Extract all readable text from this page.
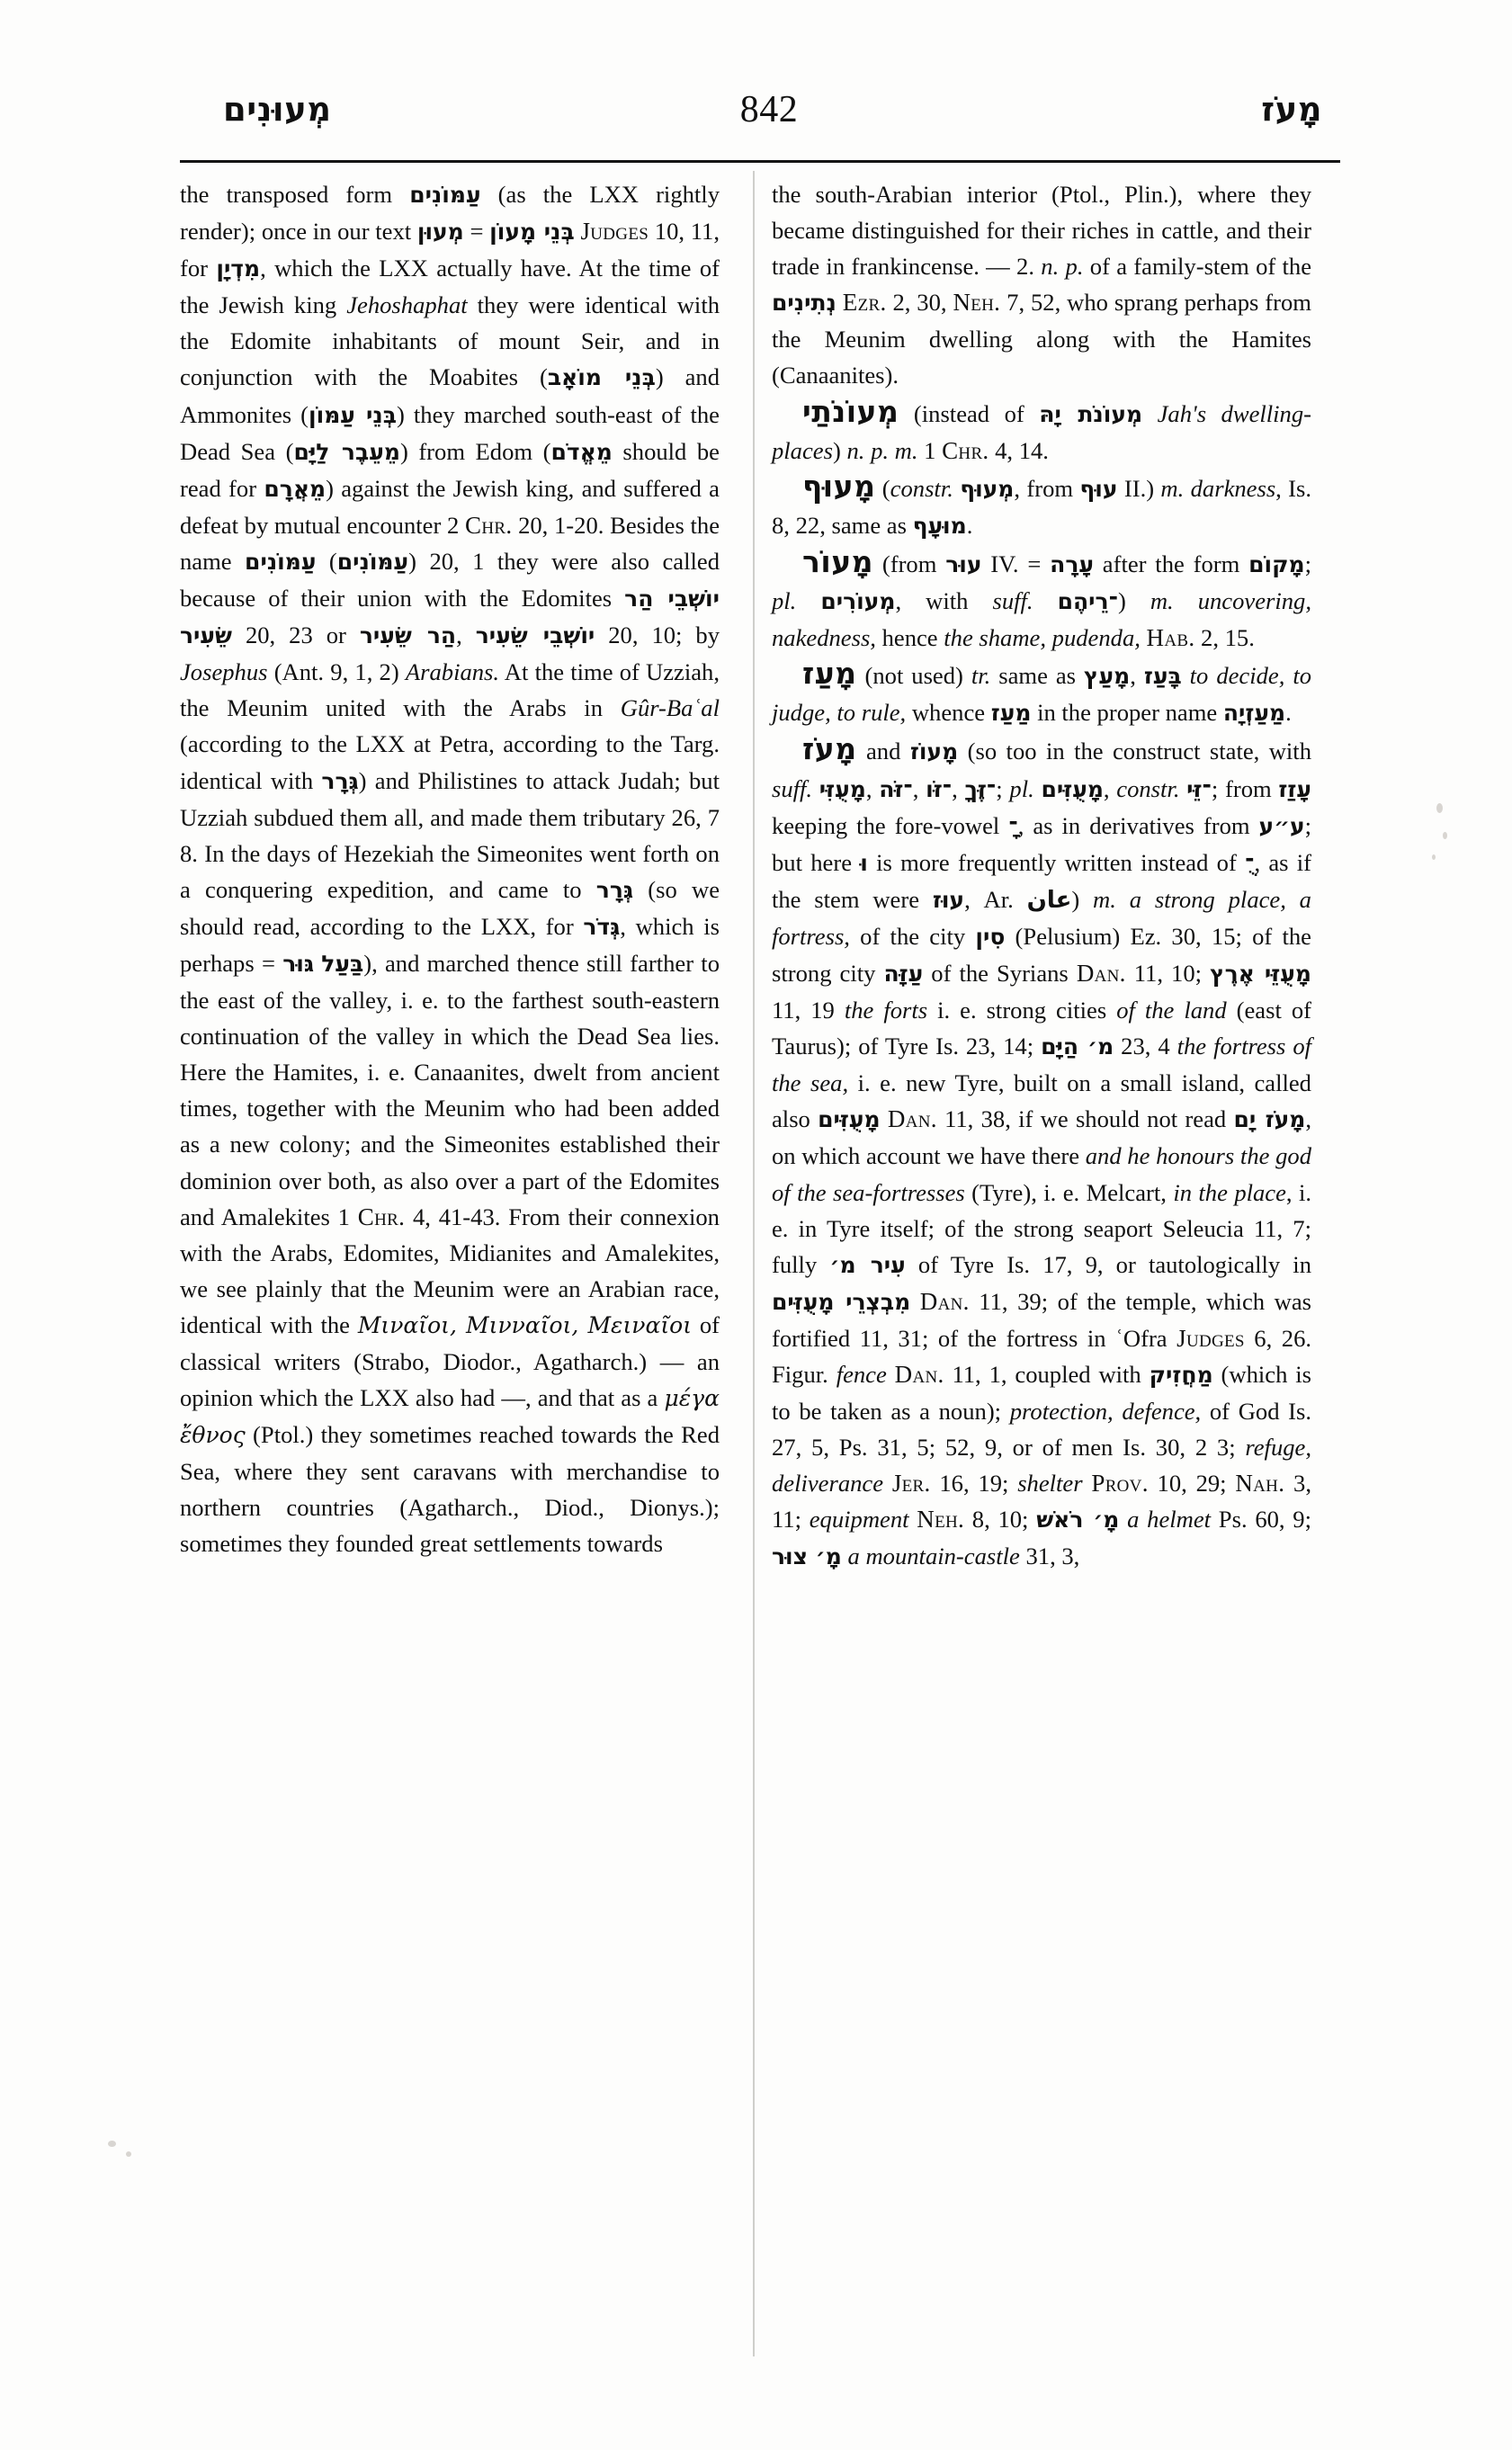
מְעוּנִים	842	מָעֹז

the transposed form עַמּוֹנִים (as the LXX rightly render); once in our text מְעוּן = בְּנֵי מָעוֹן Judges 10, 11, for מִדְיָן, which the LXX actually have. At the time of the Jewish king Jehoshaphat they were identical with the Edomite inhabitants of mount Seir, and in conjunction with the Moabites (בְּנֵי מוֹאָב) and Ammonites (בְּנֵי עַמּוֹן) they marched south-east of the Dead Sea (מֵעֵבֶר לַיָּם) from Edom (מֵאֱדֹם should be read for מֵאֲרָם) against the Jewish king, and suffered a defeat by mutual encounter 2 Chr. 20, 1-20. Besides the name עַמּוֹנִים (עַמּוֹנִים) 20, 1 they were also called because of their union with the Edomites יוֹשְׁבֵי הַר שֵׂעִיר 20, 23 or הַר שֵׂעִיר, יוֹשְׁבֵי שֵׂעִיר 20, 10; by Josephus (Ant. 9, 1, 2) Arabians. At the time of Uzziah, the Meunim united with the Arabs in Gûr-Baʿal (according to the LXX at Petra, according to the Targ. identical with גְּרָר) and Philistines to attack Judah; but Uzziah subdued them all, and made them tributary 26, 7 8. In the days of Hezekiah the Simeonites went forth on a conquering expedition, and came to גְּרָר (so we should read, according to the LXX, for גְּדֹר, which is perhaps = גּוּר בַּעַל), and marched thence still farther to the east of the valley, i. e. to the farthest south-eastern continuation of the valley in which the Dead Sea lies. Here the Hamites, i. e. Canaanites, dwelt from ancient times, together with the Meunim who had been added as a new colony; and the Simeonites established their dominion over both, as also over a part of the Edomites and Amalekites 1 Chr. 4, 41-43. From their connexion with the Arabs, Edomites, Midianites and Amalekites, we see plainly that the Meunim were an Arabian race, identical with the Μιναῖοι, Μινναῖοι, Μειναῖοι of classical writers (Strabo, Diodor., Agatharch.) — an opinion which the LXX also had —, and that as a μέγα ἔθνος (Ptol.) they sometimes reached towards the Red Sea, where they sent caravans with merchandise to northern countries (Agatharch., Diod., Dionys.); sometimes they founded great settlements towards

the south-Arabian interior (Ptol., Plin.), where they became distinguished for their riches in cattle, and their trade in frankincense. — 2. n. p. of a family-stem of the נְתִינִים Ezr. 2, 30, Neh. 7, 52, who sprang perhaps from the Meunim dwelling along with the Hamites (Canaanites).

מְעוֹנֹתַי (instead of מְעוֹנֹת יָהּ Jah's dwelling-places) n. p. m. 1 Chr. 4, 14.

מָעוּף (constr. מְעוּף, from עוּף II.) m. darkness, Is. 8, 22, same as מוּעָף.

מָעוֹר (from עוּר IV. = עָרָה after the form מָקוֹם; pl. מְעוֹרִים, with suff. ־רֵיהֶם) m. uncovering, nakedness, hence the shame, pudenda, Hab. 2, 15.

מָעַז (not used) tr. same as מָעַץ, בָּעַז to decide, to judge, to rule, whence מַעַז in the proper name מַעַזְיָה.

מָעֹז and מָעוֹז (so too in the construct state, with suff. מָעֻזִּי, ־זֹּה, ־זֹּו, ־זֶּךָ; pl. מָעֻזִּים, constr. ־זֵּי; from עָזַז keeping the fore-vowel ־ָ, as in derivatives from ע״ע; but here וּ is more frequently written instead of ־ֻ, as if the stem were עוּז, Ar. عان) m. a strong place, a fortress, of the city סִין (Pelusium) Ez. 30, 15; of the strong city עַזָּה of the Syrians Dan. 11, 10; מָעֻזֵּי אֶרֶץ 11, 19 the forts i. e. strong cities of the land (east of Taurus); of Tyre Is. 23, 14; מ׳ הַיָּם 23, 4 the fortress of the sea, i. e. new Tyre, built on a small island, called also מָעֻזִּים Dan. 11, 38, if we should not read מָעֹז יָם, on which account we have there and he honours the god of the sea-fortresses (Tyre), i. e. Melcart, in the place, i. e. in Tyre itself; of the strong seaport Seleucia 11, 7; fully עִיר מ׳ of Tyre Is. 17, 9, or tautologically in מִבְצְרֵי מָעֻזִּים Dan. 11, 39; of the temple, which was fortified 11, 31; of the fortress in ʿOfra Judges 6, 26. Figur. fence Dan. 11, 1, coupled with מַחֲזִיק (which is to be taken as a noun); protection, defence, of God Is. 27, 5, Ps. 31, 5; 52, 9, or of men Is. 30, 2 3; refuge, deliverance Jer. 16, 19; shelter Prov. 10, 29; Nah. 3, 11; equipment Neh. 8, 10; מָ׳ רֹאשׁ a helmet Ps. 60, 9; מָ׳ צוּר a mountain-castle 31, 3,
